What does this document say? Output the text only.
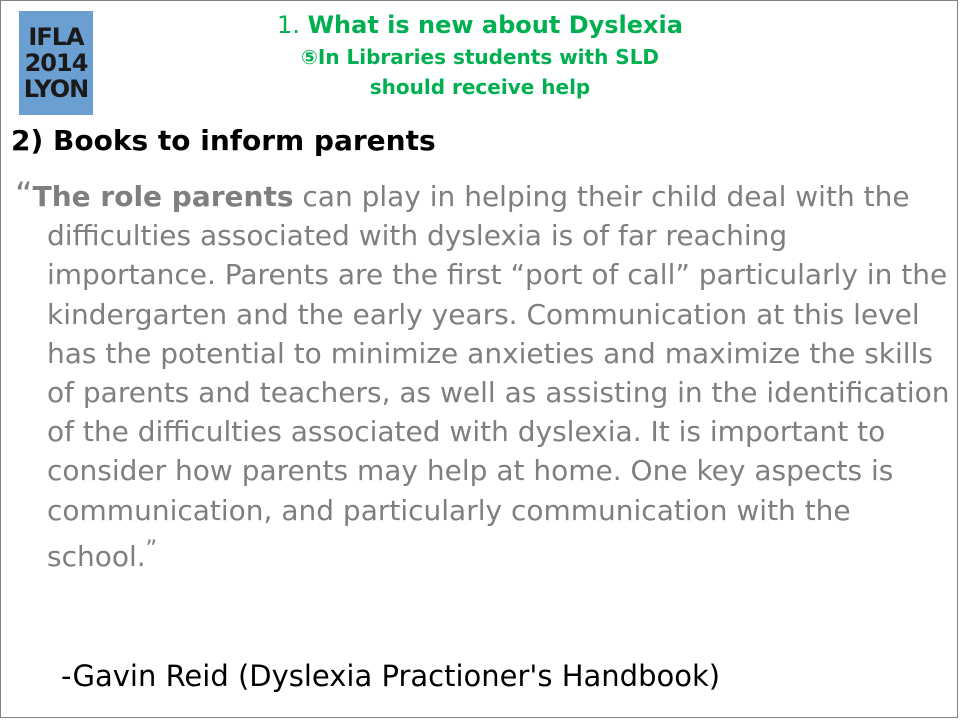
IFLA
2014
LYON
1. What is new about Dyslexia
⑤In Libraries students with SLD
should receive help
2) Books to inform parents
“The role parents can play in helping their child deal with the difficulties associated with dyslexia is of far reaching importance. Parents are the first “port of call” particularly in the kindergarten and the early years. Communication at this level has the potential to minimize anxieties and maximize the skills of parents and teachers, as well as assisting in the identification of the difficulties associated with dyslexia. It is important to consider how parents may help at home. One key aspects is communication, and particularly communication with the school.”
-Gavin Reid (Dyslexia Practioner's Handbook)
